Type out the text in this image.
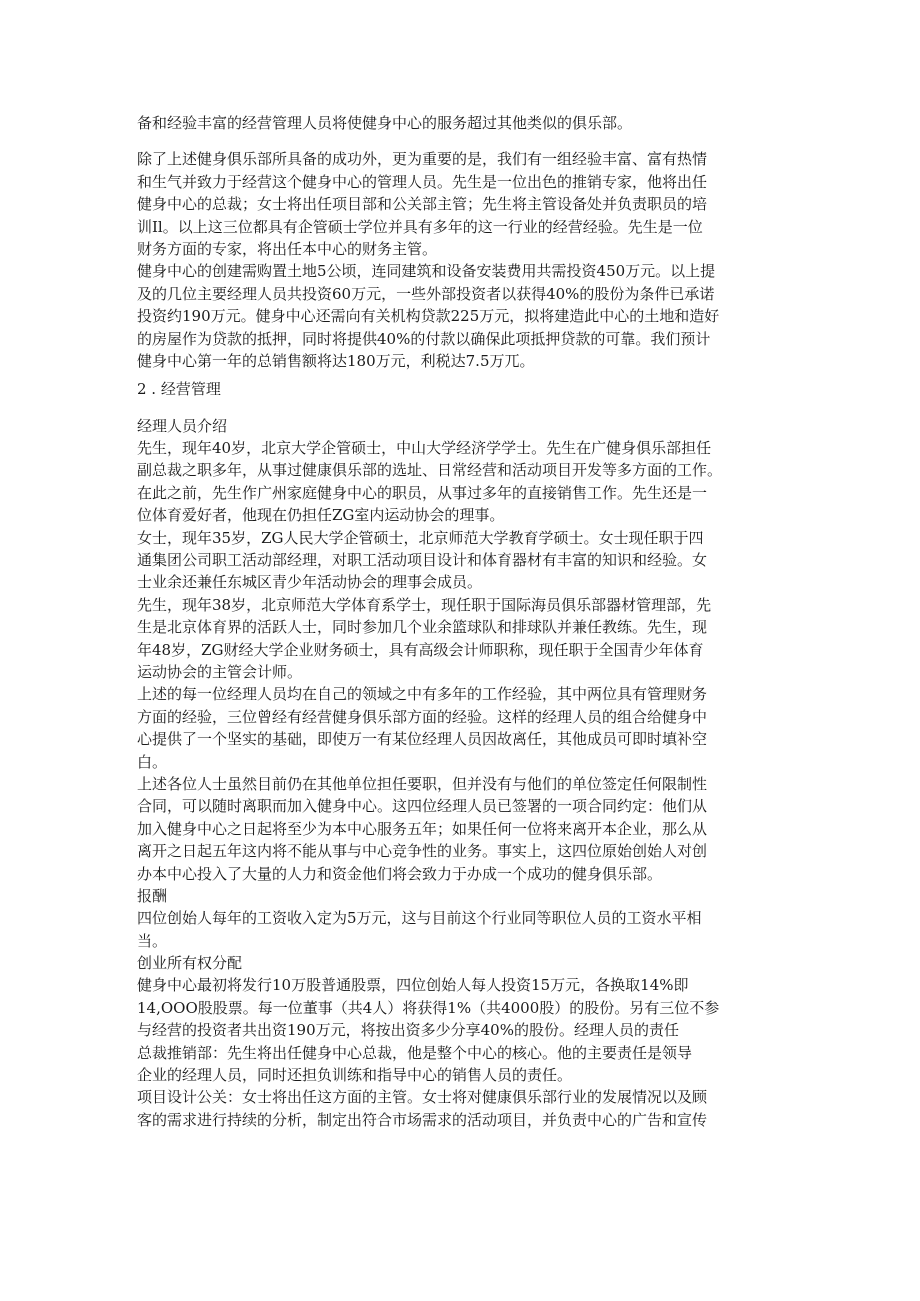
备和经验丰富的经营管理人员将使健身中心的服务超过其他类似的俱乐部。
除了上述健身俱乐部所具备的成功外，更为重要的是，我们有一组经验丰富、富有热情
和生气并致力于经营这个健身中心的管理人员。先生是一位出色的推销专家，他将出任
健身中心的总裁；女士将出任项目部和公关部主管；先生将主管设备处并负责职员的培
训Il。以上这三位都具有企管硕士学位并具有多年的这一行业的经营经验。先生是一位
财务方面的专家，将出任本中心的财务主管。
健身中心的创建需购置土地5公顷，连同建筑和设备安装费用共需投资450万元。以上提
及的几位主要经理人员共投资60万元，一些外部投资者以获得40%的股份为条件已承诺
投资约190万元。健身中心还需向有关机构贷款225万元，拟将建造此中心的土地和造好
的房屋作为贷款的抵押，同时将提供40%的付款以确保此项抵押贷款的可靠。我们预计
健身中心第一年的总销售额将达180万元，利税达7.5万兀。
2 . 经营管理
经理人员介绍
先生，现年40岁，北京大学企管硕士，中山大学经济学学士。先生在广健身俱乐部担任
副总裁之职多年，从事过健康俱乐部的选址、日常经营和活动项目开发等多方面的工作。
在此之前，先生作广州家庭健身中心的职员，从事过多年的直接销售工作。先生还是一
位体育爱好者，他现在仍担任ZG室内运动协会的理事。
女士，现年35岁，ZG人民大学企管硕士，北京师范大学教育学硕士。女士现任职于四
通集团公司职工活动部经理，对职工活动项目设计和体育器材有丰富的知识和经验。女
士业余还兼任东城区青少年活动协会的理事会成员。
先生，现年38岁，北京师范大学体育系学士，现任职于国际海员俱乐部器材管理部，先
生是北京体育界的活跃人士，同时参加几个业余篮球队和排球队并兼任教练。先生，现
年48岁，ZG财经大学企业财务硕士，具有高级会计师职称，现任职于全国青少年体育
运动协会的主管会计师。
上述的每一位经理人员均在自己的领域之中有多年的工作经验，其中两位具有管理财务
方面的经验，三位曾经有经营健身俱乐部方面的经验。这样的经理人员的组合给健身中
心提供了一个坚实的基础，即使万一有某位经理人员因故离任，其他成员可即时填补空
白。
上述各位人士虽然目前仍在其他单位担任要职，但并没有与他们的单位签定任何限制性
合同，可以随时离职而加入健身中心。这四位经理人员已签署的一项合同约定：他们从
加入健身中心之日起将至少为本中心服务五年；如果任何一位将来离开本企业，那么从
离开之日起五年这内将不能从事与中心竞争性的业务。事实上，这四位原始创始人对创
办本中心投入了大量的人力和资金他们将会致力于办成一个成功的健身俱乐部。
报酬
四位创始人每年的工资收入定为5万元，这与目前这个行业同等职位人员的工资水平相
当。
创业所有权分配
健身中心最初将发行10万股普通股票，四位创始人每人投资15万元，各换取14%即
14,OOO股股票。每一位董事（共4人）将获得1%（共4000股）的股份。另有三位不参
与经营的投资者共出资190万元，将按出资多少分享40%的股份。经理人员的责任
总裁推销部：先生将出任健身中心总裁，他是整个中心的核心。他的主要责任是领导
企业的经理人员，同时还担负训练和指导中心的销售人员的责任。
项目设计公关：女士将出任这方面的主管。女士将对健康俱乐部行业的发展情况以及顾
客的需求进行持续的分析，制定出符合市场需求的活动项目，并负责中心的广告和宣传
